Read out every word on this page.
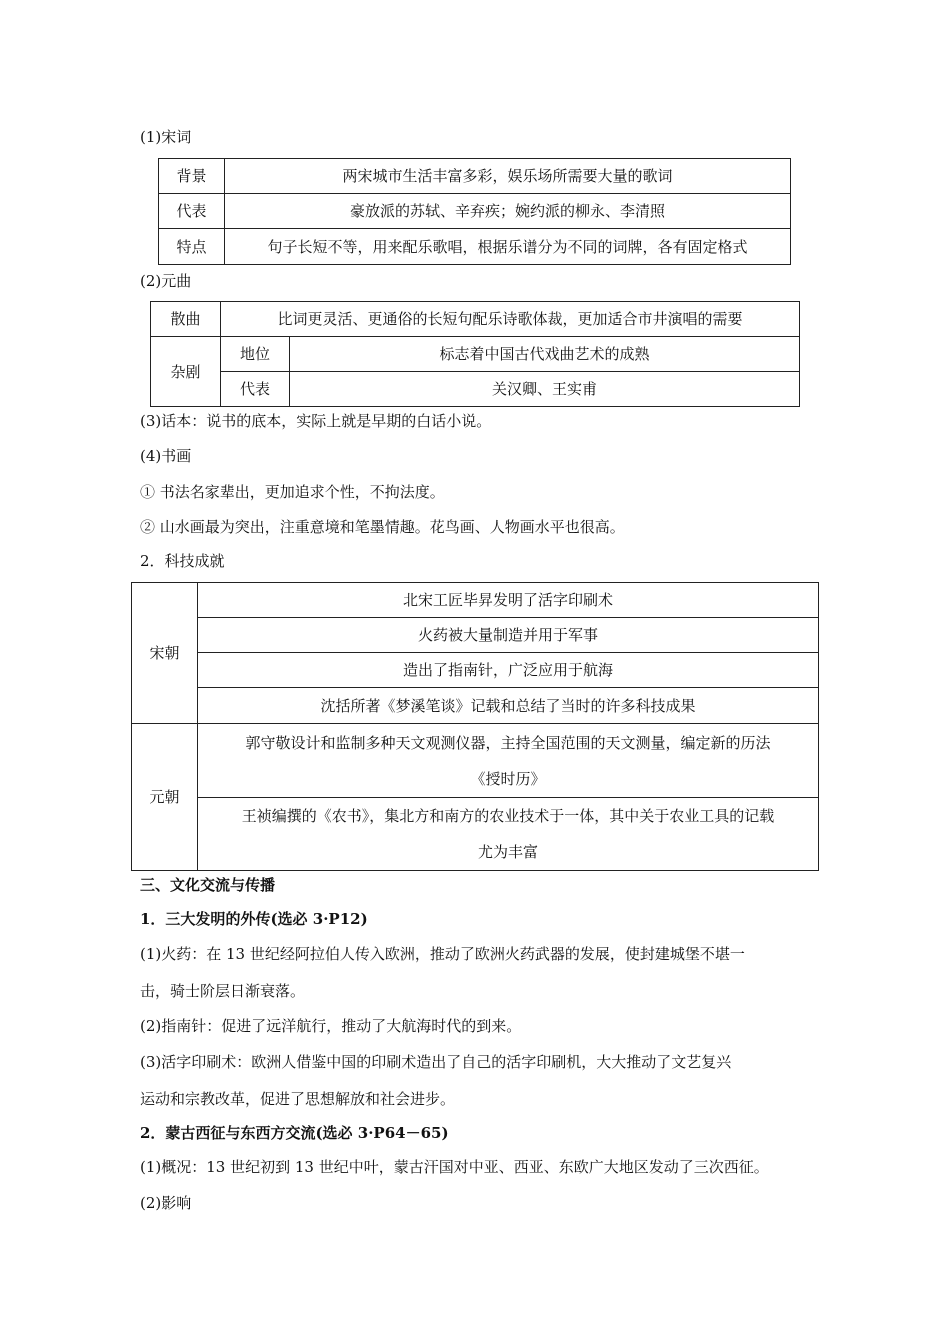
(1)宋词
背景	两宋城市生活丰富多彩，娱乐场所需要大量的歌词
代表	豪放派的苏轼、辛弃疾；婉约派的柳永、李清照
特点	句子长短不等，用来配乐歌唱，根据乐谱分为不同的词牌，各有固定格式
(2)元曲
散曲	比词更灵活、更通俗的长短句配乐诗歌体裁，更加适合市井演唱的需要	
杂剧	地位	标志着中国古代戏曲艺术的成熟
	代表	关汉卿、王实甫
(3)话本：说书的底本，实际上就是早期的白话小说。
(4)书画
① 书法名家辈出，更加追求个性，不拘法度。
② 山水画最为突出，注重意境和笔墨情趣。花鸟画、人物画水平也很高。
2．科技成就
宋朝	北宋工匠毕昇发明了活字印刷术
	火药被大量制造并用于军事
	造出了指南针，广泛应用于航海
	沈括所著《梦溪笔谈》记载和总结了当时的许多科技成果
元朝	郭守敬设计和监制多种天文观测仪器，主持全国范围的天文测量，编定新的历法
《授时历》

	王祯编撰的《农书》，集北方和南方的农业技术于一体，其中关于农业工具的记载
尤为丰富
三、文化交流与传播
1．三大发明的外传(选必 3·P12)
(1)火药：在 13 世纪经阿拉伯人传入欧洲，推动了欧洲火药武器的发展，使封建城堡不堪一
击，骑士阶层日渐衰落。
(2)指南针：促进了远洋航行，推动了大航海时代的到来。
(3)活字印刷术：欧洲人借鉴中国的印刷术造出了自己的活字印刷机，大大推动了文艺复兴
运动和宗教改革，促进了思想解放和社会进步。
2．蒙古西征与东西方交流(选必 3·P64－65)
(1)概况：13 世纪初到 13 世纪中叶，蒙古汗国对中亚、西亚、东欧广大地区发动了三次西征。
(2)影响
